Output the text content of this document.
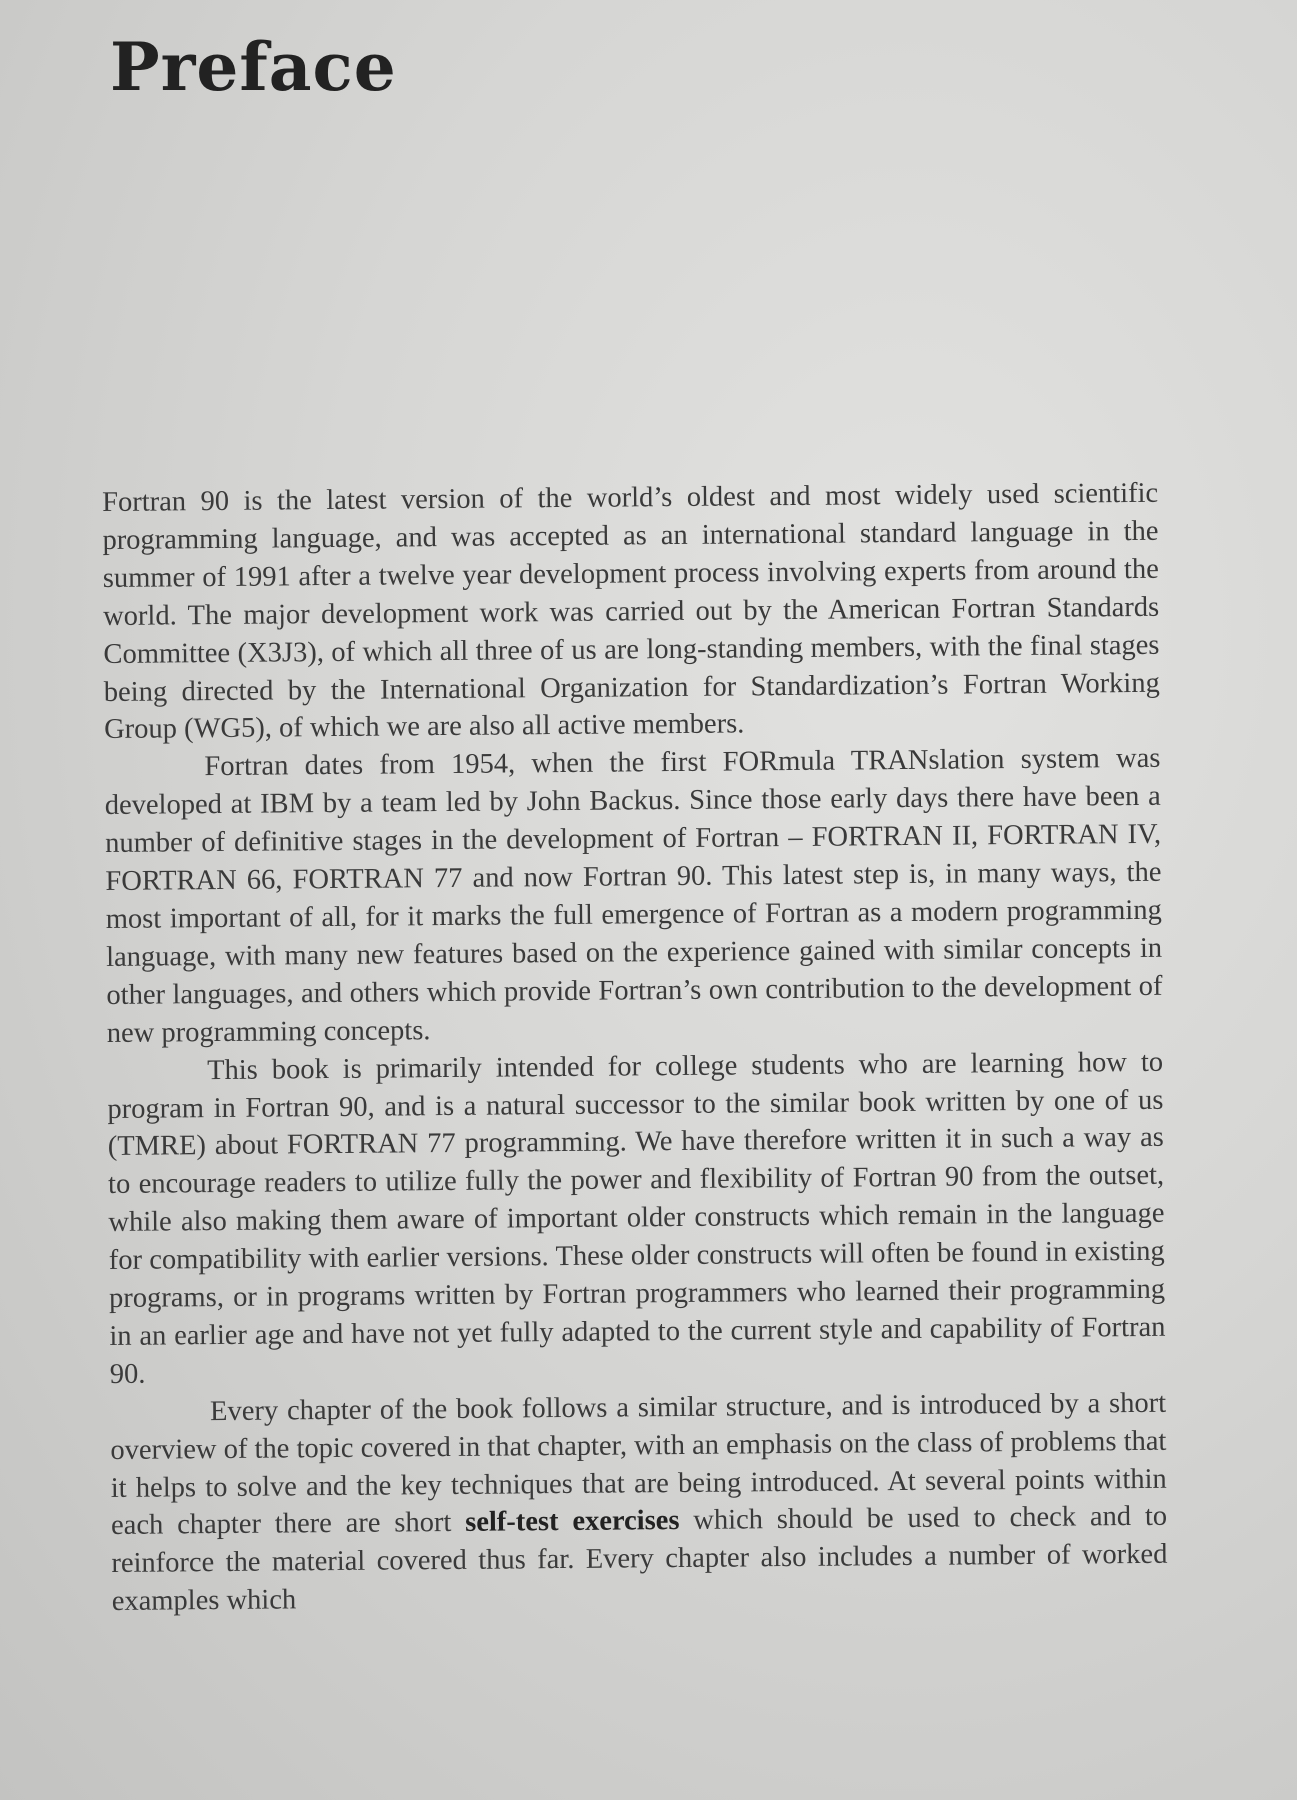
Preface

Fortran 90 is the latest version of the world’s oldest and most widely used scientific programming language, and was accepted as an international standard language in the summer of 1991 after a twelve year development process involving experts from around the world. The major development work was carried out by the American Fortran Standards Committee (X3J3), of which all three of us are long-standing members, with the final stages being directed by the International Organization for Standardization’s Fortran Working Group (WG5), of which we are also all active members.

Fortran dates from 1954, when the first FORmula TRANslation system was developed at IBM by a team led by John Backus. Since those early days there have been a number of definitive stages in the development of Fortran – FORTRAN II, FORTRAN IV, FORTRAN 66, FORTRAN 77 and now Fortran 90. This latest step is, in many ways, the most important of all, for it marks the full emergence of Fortran as a modern programming language, with many new features based on the experience gained with similar concepts in other languages, and others which provide Fortran’s own contribution to the development of new programming concepts.

This book is primarily intended for college students who are learning how to program in Fortran 90, and is a natural successor to the similar book written by one of us (TMRE) about FORTRAN 77 programming. We have therefore written it in such a way as to encourage readers to utilize fully the power and flexibility of Fortran 90 from the outset, while also making them aware of important older constructs which remain in the language for compatibility with earlier versions. These older constructs will often be found in existing programs, or in programs written by Fortran programmers who learned their programming in an earlier age and have not yet fully adapted to the current style and capability of Fortran 90.

Every chapter of the book follows a similar structure, and is introduced by a short overview of the topic covered in that chapter, with an emphasis on the class of problems that it helps to solve and the key techniques that are being introduced. At several points within each chapter there are short self-test exercises which should be used to check and to reinforce the material covered thus far. Every chapter also includes a number of worked examples which
